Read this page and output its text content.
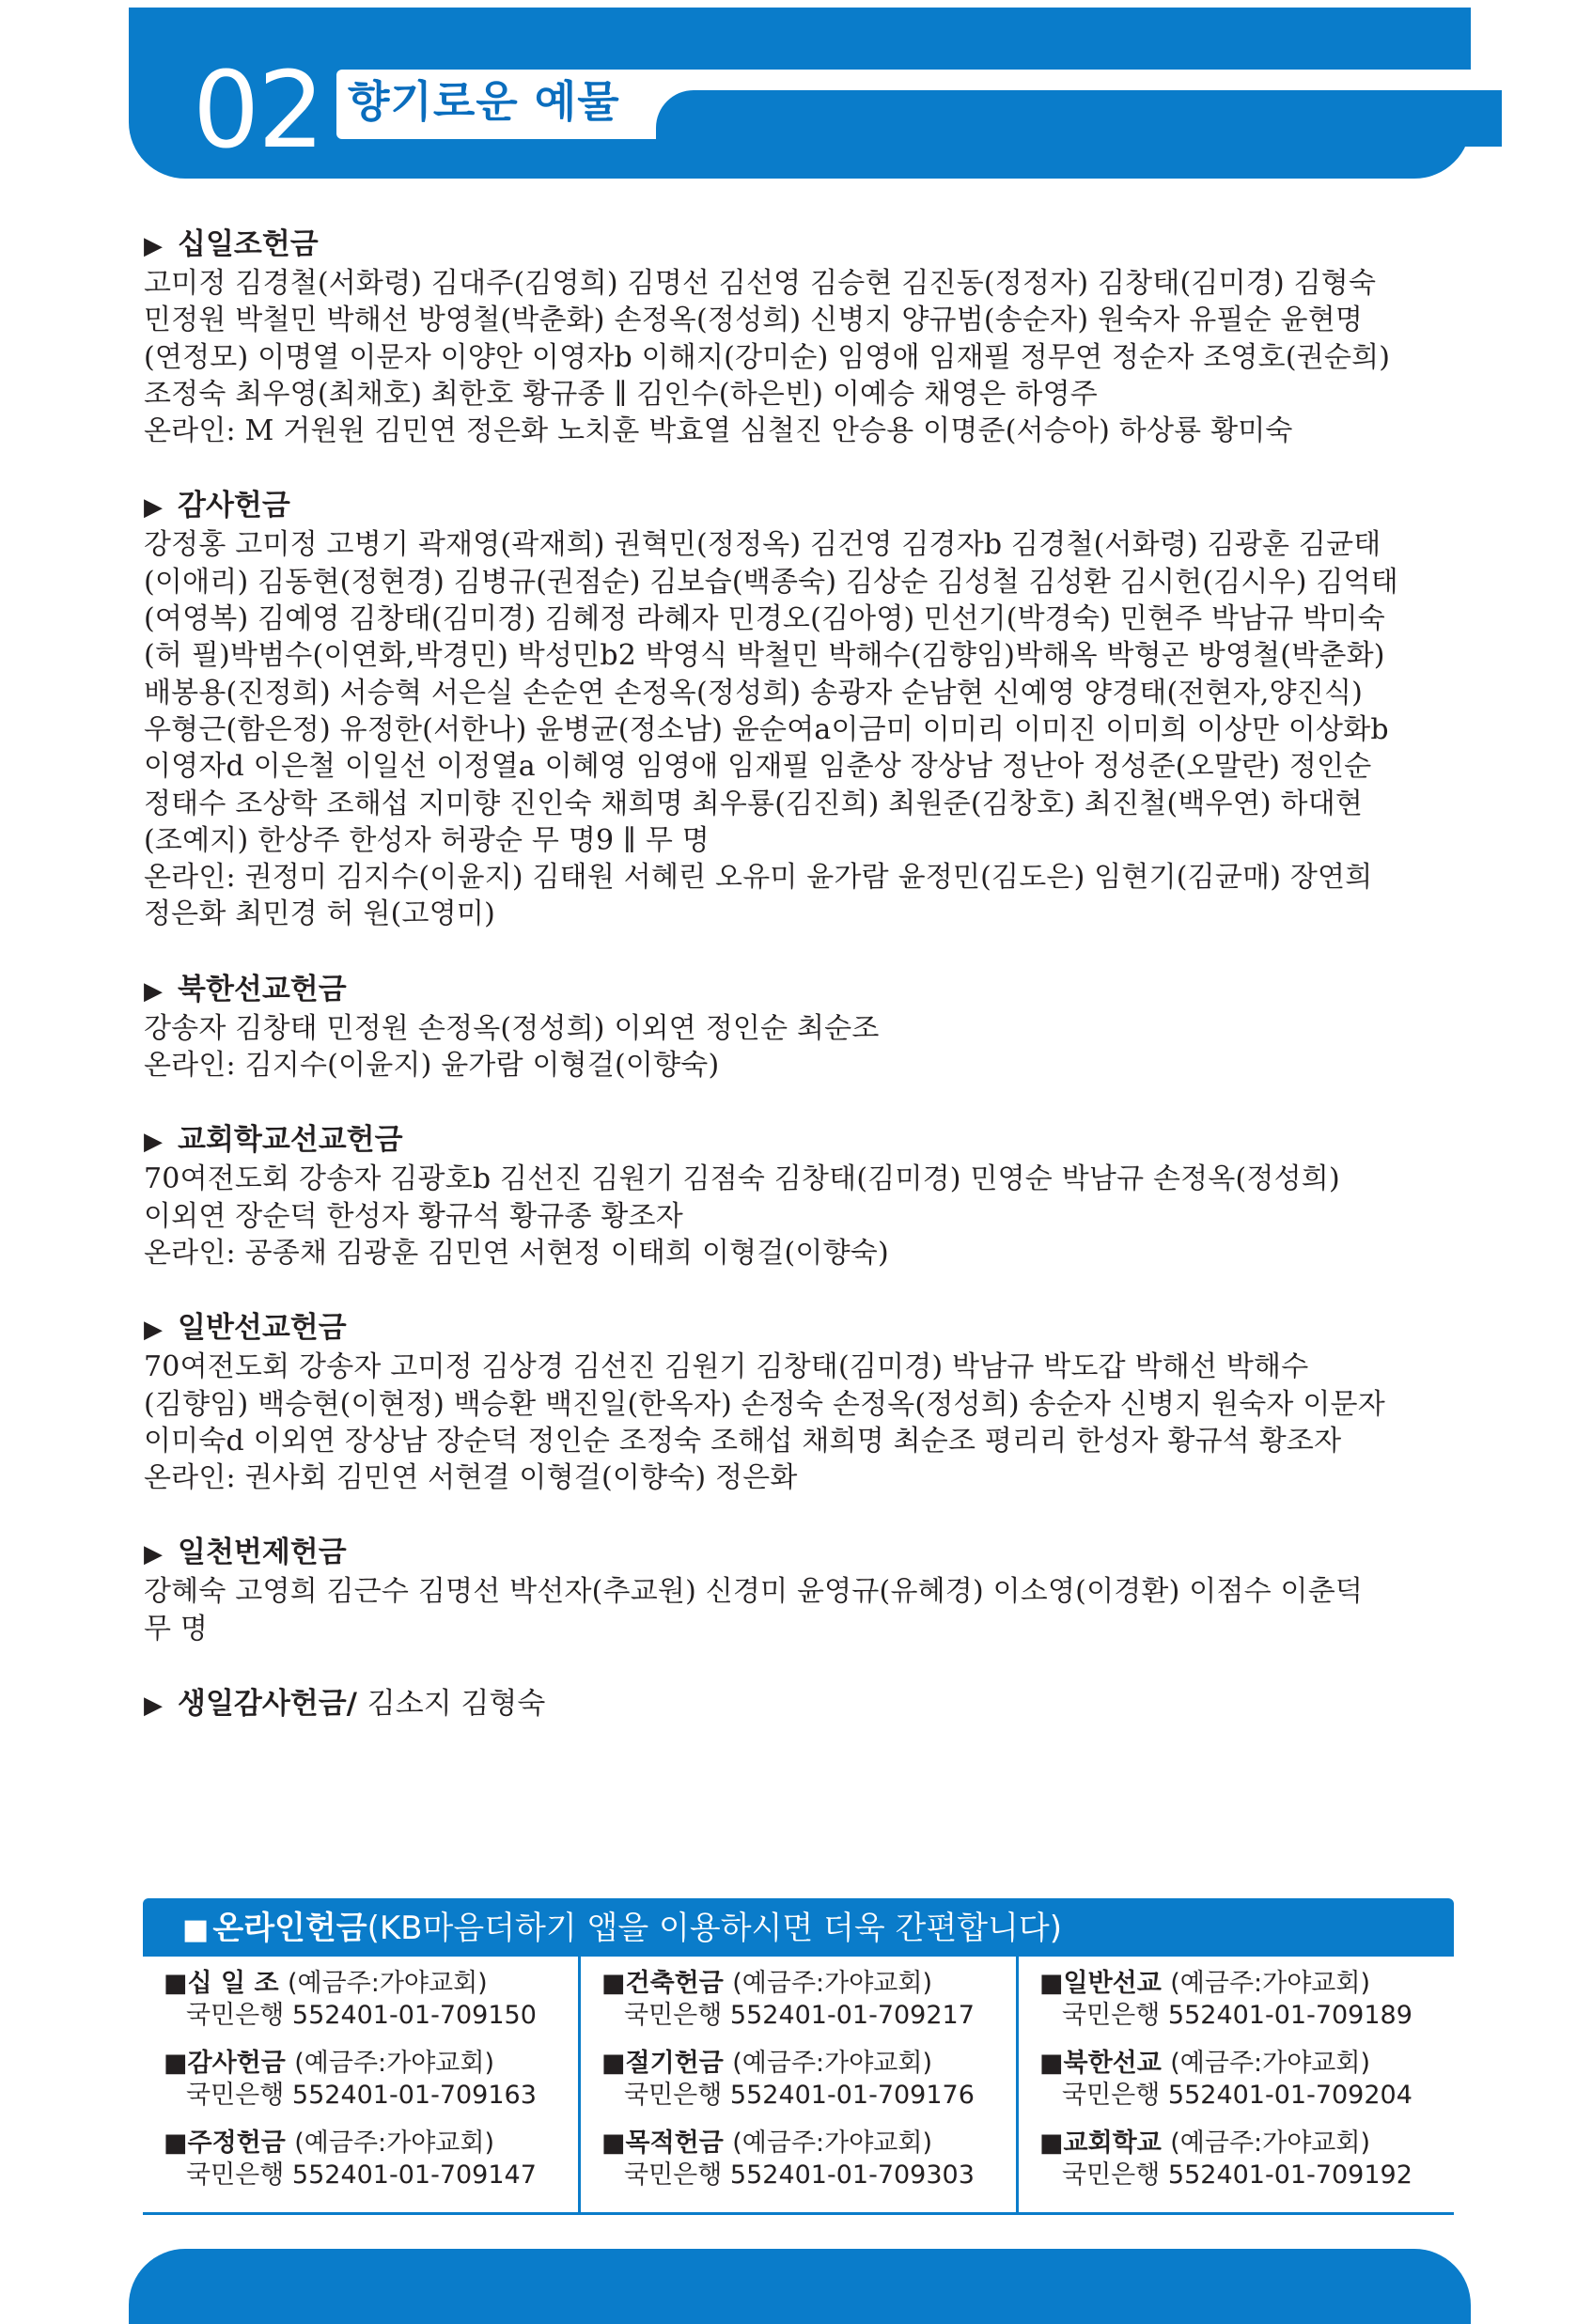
02 향기로운 예물
▶ 십일조헌금
고미정 김경철(서화령) 김대주(김영희) 김명선 김선영 김승현 김진동(정정자) 김창태(김미경) 김형숙
민정원 박철민 박해선 방영철(박춘화) 손정옥(정성희) 신병지 양규범(송순자) 원숙자 유필순 윤현명
(연정모) 이명열 이문자 이양안 이영자b 이해지(강미순) 임영애 임재필 정무연 정순자 조영호(권순희)
조정숙 최우영(최채호) 최한호 황규종 ∥ 김인수(하은빈) 이예승 채영은 하영주
온라인: M 거원원 김민연 정은화 노치훈 박효열 심철진 안승용 이명준(서승아) 하상룡 황미숙
▶ 감사헌금
강정홍 고미정 고병기 곽재영(곽재희) 권혁민(정정옥) 김건영 김경자b 김경철(서화령) 김광훈 김균태
(이애리) 김동현(정현경) 김병규(권점순) 김보습(백종숙) 김상순 김성철 김성환 김시헌(김시우) 김억태
(여영복) 김예영 김창태(김미경) 김혜정 라혜자 민경오(김아영) 민선기(박경숙) 민현주 박남규 박미숙
(허 필)박범수(이연화,박경민) 박성민b2 박영식 박철민 박해수(김향임)박해옥 박형곤 방영철(박춘화)
배봉용(진정희) 서승혁 서은실 손순연 손정옥(정성희) 송광자 순남현 신예영 양경태(전현자,양진식)
우형근(함은정) 유정한(서한나) 윤병균(정소남) 윤순여a이금미 이미리 이미진 이미희 이상만 이상화b
이영자d 이은철 이일선 이정열a 이혜영 임영애 임재필 임춘상 장상남 정난아 정성준(오말란) 정인순
정태수 조상학 조해섭 지미향 진인숙 채희명 최우룡(김진희) 최원준(김창호) 최진철(백우연) 하대현
(조예지) 한상주 한성자 허광순 무 명9 ∥ 무 명
온라인: 권정미 김지수(이윤지) 김태원 서혜린 오유미 윤가람 윤정민(김도은) 임현기(김균매) 장연희
정은화 최민경 허 원(고영미)
▶ 북한선교헌금
강송자 김창태 민정원 손정옥(정성희) 이외연 정인순 최순조
온라인: 김지수(이윤지) 윤가람 이형걸(이향숙)
▶ 교회학교선교헌금
70여전도회 강송자 김광호b 김선진 김원기 김점숙 김창태(김미경) 민영순 박남규 손정옥(정성희)
이외연 장순덕 한성자 황규석 황규종 황조자
온라인: 공종채 김광훈 김민연 서현정 이태희 이형걸(이향숙)
▶ 일반선교헌금
70여전도회 강송자 고미정 김상경 김선진 김원기 김창태(김미경) 박남규 박도갑 박해선 박해수
(김향임) 백승현(이현정) 백승환 백진일(한옥자) 손정숙 손정옥(정성희) 송순자 신병지 원숙자 이문자
이미숙d 이외연 장상남 장순덕 정인순 조정숙 조해섭 채희명 최순조 평리리 한성자 황규석 황조자
온라인: 권사회 김민연 서현결 이형걸(이향숙) 정은화
▶ 일천번제헌금
강혜숙 고영희 김근수 김명선 박선자(추교원) 신경미 윤영규(유혜경) 이소영(이경환) 이점수 이춘덕
무 명
▶ 생일감사헌금/ 김소지 김형숙
■ 온라인헌금(KB마음더하기 앱을 이용하시면 더욱 간편합니다)
■십 일 조 (예금주:가야교회)
국민은행 552401-01-709150
■감사헌금 (예금주:가야교회)
국민은행 552401-01-709163
■주정헌금 (예금주:가야교회)
국민은행 552401-01-709147
■건축헌금 (예금주:가야교회)
국민은행 552401-01-709217
■절기헌금 (예금주:가야교회)
국민은행 552401-01-709176
■목적헌금 (예금주:가야교회)
국민은행 552401-01-709303
■일반선교 (예금주:가야교회)
국민은행 552401-01-709189
■북한선교 (예금주:가야교회)
국민은행 552401-01-709204
■교회학교 (예금주:가야교회)
국민은행 552401-01-709192
